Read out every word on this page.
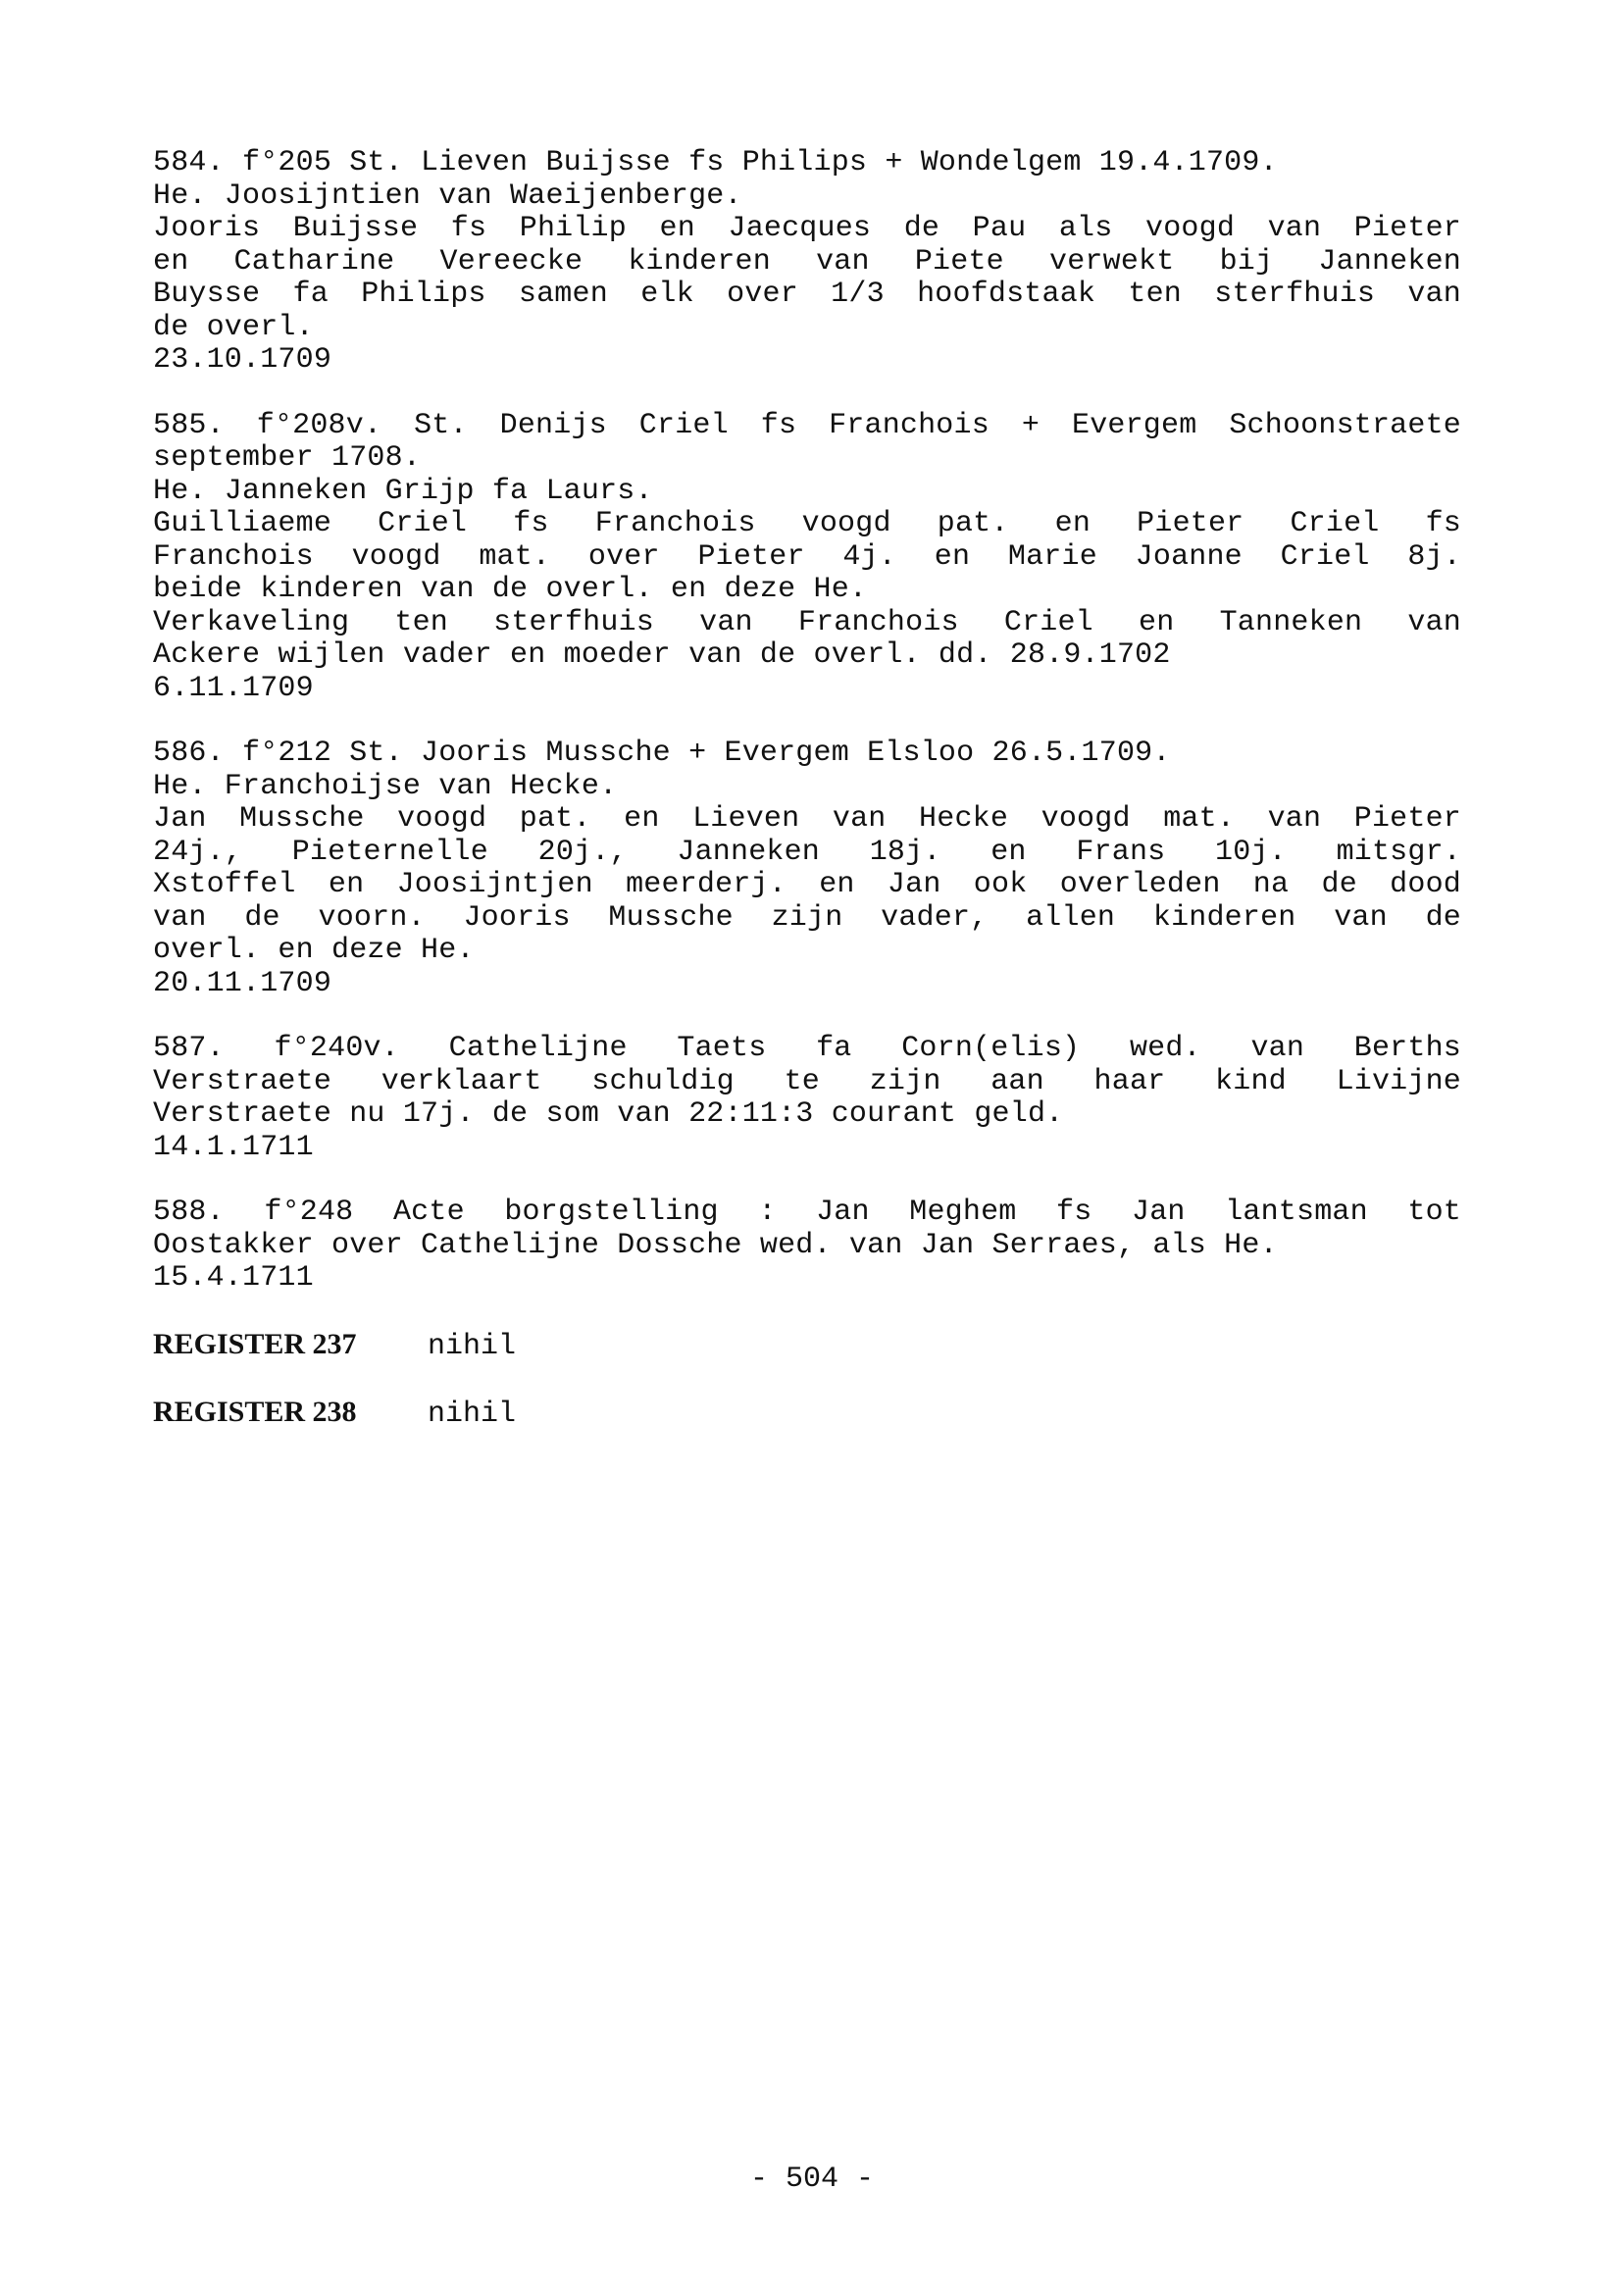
584. f°205 St. Lieven Buijsse fs Philips + Wondelgem 19.4.1709.
He. Joosijntien van Waeijenberge.
Jooris Buijsse fs Philip en Jaecques de Pau als voogd van Pieter
en Catharine Vereecke kinderen van Piete verwekt bij Janneken
Buysse fa Philips samen elk over 1/3 hoofdstaak ten sterfhuis van
de overl.
23.10.1709
585. f°208v. St. Denijs Criel fs Franchois + Evergem Schoonstraete
september 1708.
He. Janneken Grijp fa Laurs.
Guilliaeme Criel fs Franchois voogd pat. en Pieter Criel fs
Franchois voogd mat. over Pieter 4j. en Marie Joanne Criel 8j.
beide kinderen van de overl. en deze He.
Verkaveling ten sterfhuis van Franchois Criel en Tanneken van
Ackere wijlen vader en moeder van de overl. dd. 28.9.1702
6.11.1709
586. f°212 St. Jooris Mussche + Evergem Elsloo 26.5.1709.
He. Franchoijse van Hecke.
Jan Mussche voogd pat. en Lieven van Hecke voogd mat. van Pieter
24j., Pieternelle 20j., Janneken 18j. en Frans 10j. mitsgr.
Xstoffel en Joosijntjen meerderj. en Jan ook overleden na de dood
van de voorn. Jooris Mussche zijn vader, allen kinderen van de
overl. en deze He.
20.11.1709
587. f°240v. Cathelijne Taets fa Corn(elis) wed. van Berths
Verstraete verklaart schuldig te zijn aan haar kind Livijne
Verstraete nu 17j. de som van 22:11:3 courant geld.
14.1.1711
588. f°248 Acte borgstelling : Jan Meghem fs Jan lantsman tot
Oostakker over Cathelijne Dossche wed. van Jan Serraes, als He.
15.4.1711
REGISTER 237 nihil
REGISTER 238 nihil
- 504 -
